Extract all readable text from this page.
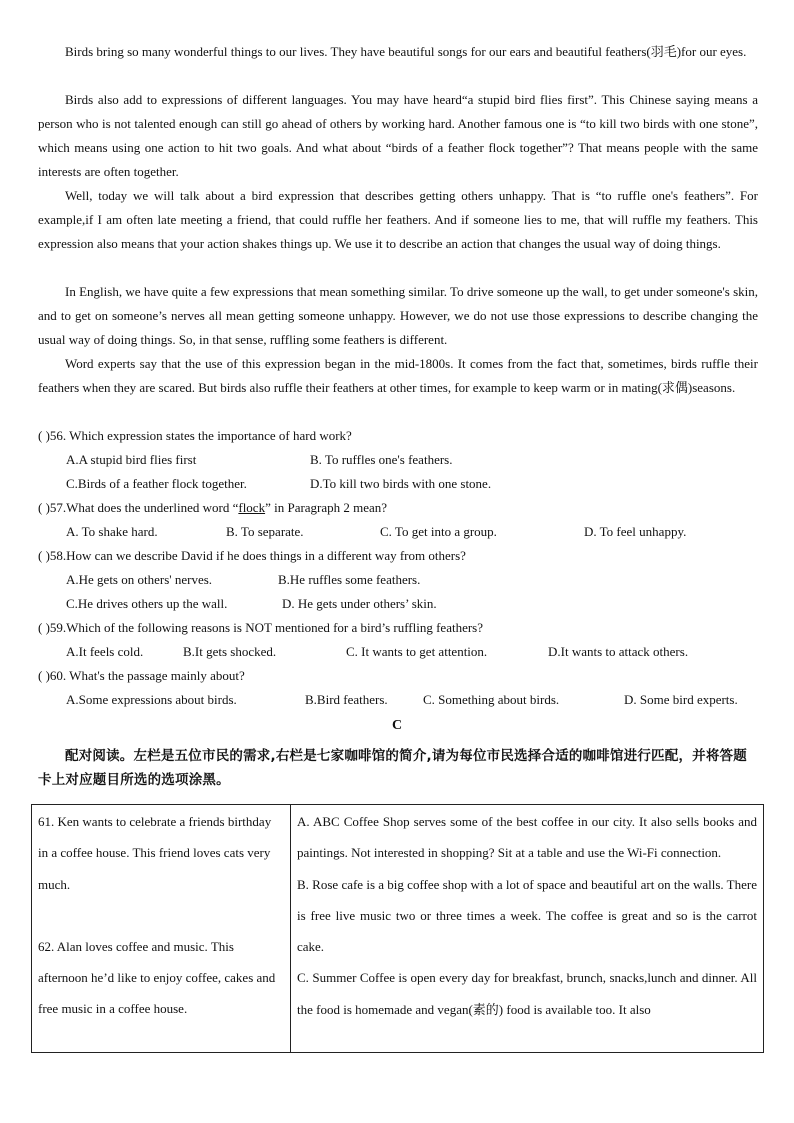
Birds bring so many wonderful things to our lives. They have beautiful songs for our ears and beautiful feathers(羽毛)for our eyes.
Birds also add to expressions of different languages. You may have heard“a stupid bird flies first”. This Chinese saying means a person who is not talented enough can still go ahead of others by working hard. Another famous one is “to kill two birds with one stone”, which means using one action to hit two goals. And what about “birds of a feather flock together”? That means people with the same interests are often together.
Well, today we will talk about a bird expression that describes getting others unhappy. That is “to ruffle one's feathers”. For example,if I am often late meeting a friend, that could ruffle her feathers. And if someone lies to me, that will ruffle my feathers. This expression also means that your action shakes things up. We use it to describe an action that changes the usual way of doing things.
In English, we have quite a few expressions that mean something similar. To drive someone up the wall, to get under someone's skin, and to get on someone’s nerves all mean getting someone unhappy. However, we do not use those expressions to describe changing the usual way of doing things. So, in that sense, ruffling some feathers is different.
Word experts say that the use of this expression began in the mid-1800s. It comes from the fact that, sometimes, birds ruffle their feathers when they are scared. But birds also ruffle their feathers at other times, for example to keep warm or in mating(求偶)seasons.
( )56. Which expression states the importance of hard work?
A.A stupid bird flies first	B. To ruffles one's feathers.
C.Birds of a feather flock together.	D.To kill two birds with one stone.
( )57.What does the underlined word “flock” in Paragraph 2 mean?
A. To shake hard.	B. To separate.	C. To get into a group.	D. To feel unhappy.
( )58.How can we describe David if he does things in a different way from others?
A.He gets on others' nerves.	B.He ruffles some feathers.
C.He drives others up the wall.	D. He gets under others’ skin.
( )59.Which of the following reasons is NOT mentioned for a bird’s ruffling feathers?
A.It feels cold.	B.It gets shocked.	C. It wants to get attention.	D.It wants to attack others.
( )60. What's the passage mainly about?
A.Some expressions about birds.	B.Bird feathers.	C. Something about birds.	D. Some bird experts.
C
配对阅读。左栏是五位市民的需求,右栏是七家咖啡馆的简介,请为每位市民选择合适的咖啡馆进行匹配，并将答题卡上对应题目所选的选项涂黑。

61. Ken wants to celebrate a friends birthday in a coffee house. This friend loves cats very much.

62. Alan loves coffee and music. This afternoon he’d like to enjoy coffee, cakes and free music in a coffee house.

A. ABC Coffee Shop serves some of the best coffee in our city. It also sells books and paintings. Not interested in shopping? Sit at a table and use the Wi-Fi connection.

B. Rose cafe is a big coffee shop with a lot of space and beautiful art on the walls. There is free live music two or three times a week. The coffee is great and so is the carrot cake.

C. Summer Coffee is open every day for breakfast, brunch, snacks,lunch and dinner. All the food is homemade and vegan(素的) food is available too. It also
